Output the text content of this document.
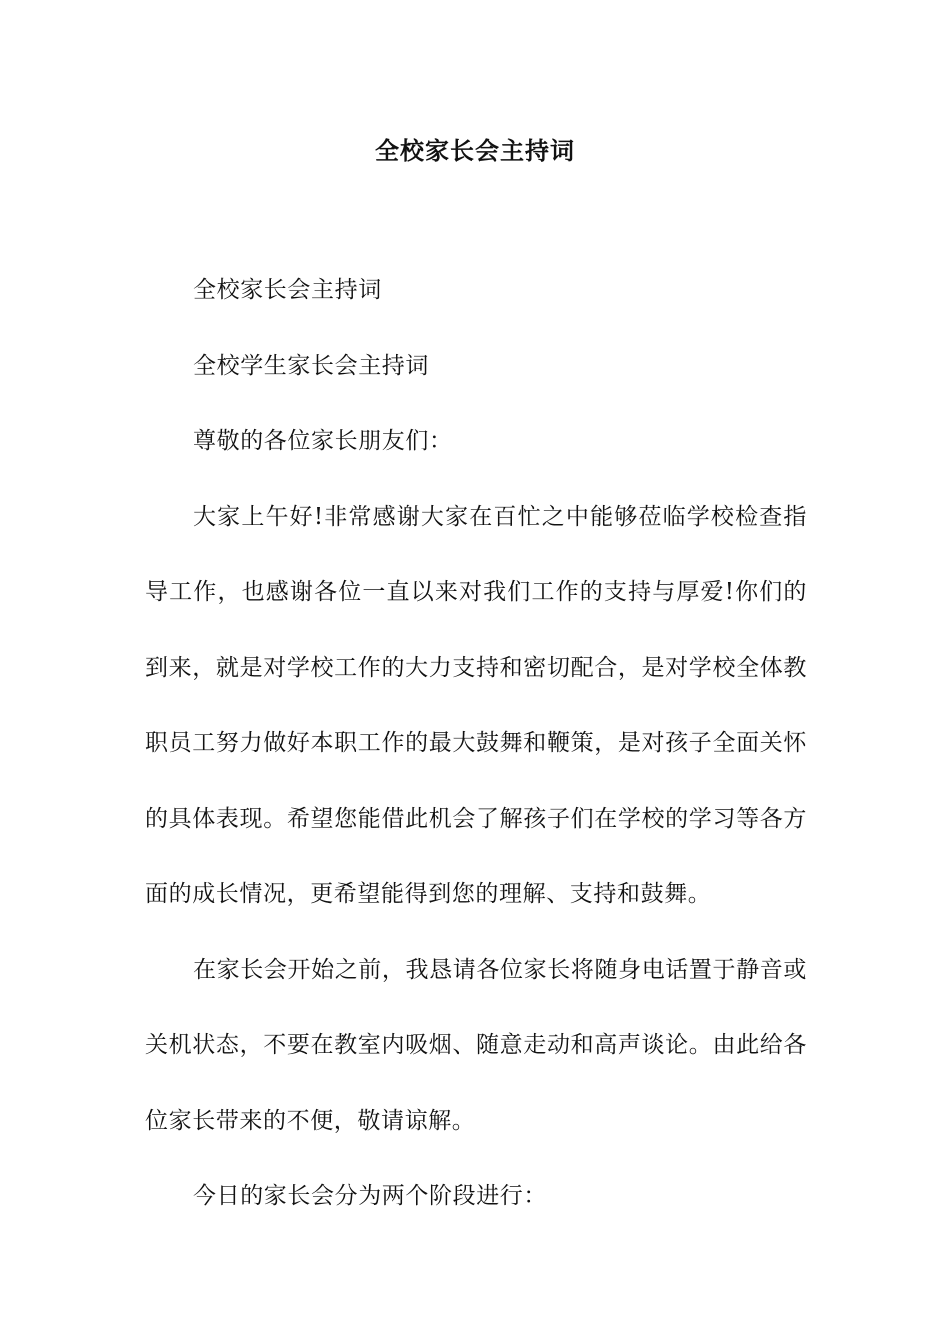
全校家长会主持词

全校家长会主持词

全校学生家长会主持词

尊敬的各位家长朋友们：

大家上午好!非常感谢大家在百忙之中能够莅临学校检查指导工作，也感谢各位一直以来对我们工作的支持与厚爱!你们的到来，就是对学校工作的大力支持和密切配合，是对学校全体教职员工努力做好本职工作的最大鼓舞和鞭策，是对孩子全面关怀的具体表现。希望您能借此机会了解孩子们在学校的学习等各方面的成长情况，更希望能得到您的理解、支持和鼓舞。

在家长会开始之前，我恳请各位家长将随身电话置于静音或关机状态，不要在教室内吸烟、随意走动和高声谈论。由此给各位家长带来的不便，敬请谅解。

今日的家长会分为两个阶段进行：
